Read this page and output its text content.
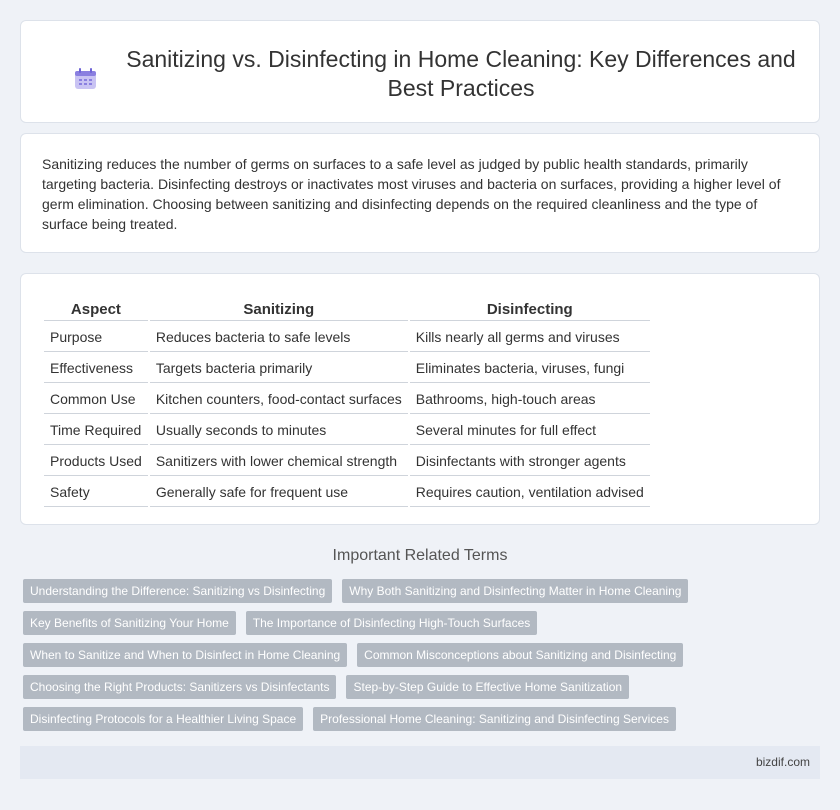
Sanitizing vs. Disinfecting in Home Cleaning: Key Differences and Best Practices

Sanitizing reduces the number of germs on surfaces to a safe level as judged by public health standards, primarily targeting bacteria. Disinfecting destroys or inactivates most viruses and bacteria on surfaces, providing a higher level of germ elimination. Choosing between sanitizing and disinfecting depends on the required cleanliness and the type of surface being treated.

Aspect	Sanitizing	Disinfecting
Purpose	Reduces bacteria to safe levels	Kills nearly all germs and viruses
Effectiveness	Targets bacteria primarily	Eliminates bacteria, viruses, fungi
Common Use	Kitchen counters, food-contact surfaces	Bathrooms, high-touch areas
Time Required	Usually seconds to minutes	Several minutes for full effect
Products Used	Sanitizers with lower chemical strength	Disinfectants with stronger agents
Safety	Generally safe for frequent use	Requires caution, ventilation advised
Important Related Terms
Understanding the Difference: Sanitizing vs Disinfecting	Why Both Sanitizing and Disinfecting Matter in Home Cleaning
Key Benefits of Sanitizing Your Home	The Importance of Disinfecting High-Touch Surfaces
When to Sanitize and When to Disinfect in Home Cleaning	Common Misconceptions about Sanitizing and Disinfecting
Choosing the Right Products: Sanitizers vs Disinfectants	Step-by-Step Guide to Effective Home Sanitization
Disinfecting Protocols for a Healthier Living Space	Professional Home Cleaning: Sanitizing and Disinfecting Services
bizdif.com
